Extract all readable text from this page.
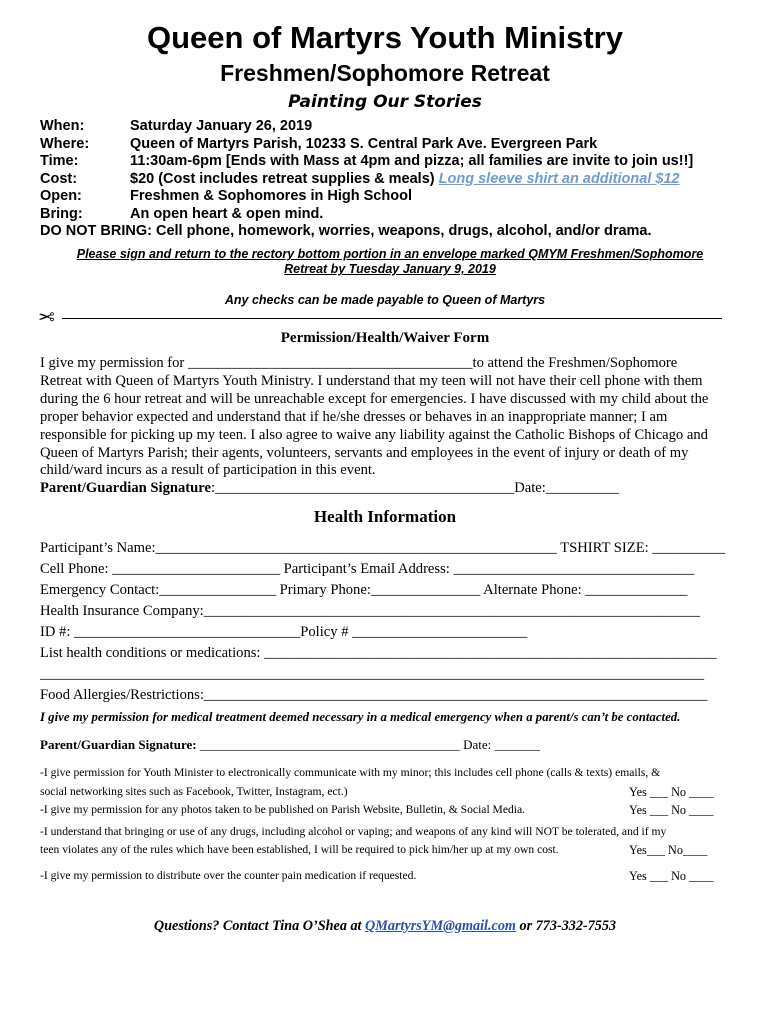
Queen of Martyrs Youth Ministry
Freshmen/Sophomore Retreat
Painting Our Stories
When:	Saturday January 26, 2019
Where:	Queen of Martyrs Parish, 10233 S. Central Park Ave. Evergreen Park
Time:	11:30am-6pm [Ends with Mass at 4pm and pizza; all families are invite to join us!!]
Cost:	$20 (Cost includes retreat supplies & meals)
Long sleeve shirt an additional $12
Open:	Freshmen & Sophomores in High School
Bring:	An open heart & open mind.
DO NOT BRING: Cell phone, homework, worries, weapons, drugs, alcohol, and/or drama.
Please sign and return to the rectory bottom portion in an envelope marked QMYM Freshmen/Sophomore
Retreat by Tuesday January 9, 2019
Any checks can be made payable to Queen of Martyrs
✂
Permission/Health/Waiver Form
I give my permission for _______________________________________to attend the Freshmen/Sophomore
Retreat with Queen of Martyrs Youth Ministry. I understand that my teen will not have their cell phone with them
during the 6 hour retreat and will be unreachable except for emergencies. I have discussed with my child about the
proper behavior expected and understand that if he/she dresses or behaves in an inappropriate manner; I am
responsible for picking up my teen. I also agree to waive any liability against the Catholic Bishops of Chicago and
Queen of Martyrs Parish; their agents, volunteers, servants and employees in the event of injury or death of my
child/ward incurs as a result of participation in this event.
Parent/Guardian Signature:_________________________________________Date:__________
Health Information
Participant’s Name:_______________________________________________________ TSHIRT SIZE: __________
Cell Phone: _______________________ Participant’s Email Address: _________________________________
Emergency Contact:________________ Primary Phone:_______________ Alternate Phone: ______________
Health Insurance Company:____________________________________________________________________
ID #: _______________________________Policy # ________________________
List health conditions or medications: ______________________________________________________________
___________________________________________________________________________________________
Food Allergies/Restrictions:_____________________________________________________________________
I give my permission for medical treatment deemed necessary in a medical emergency when a parent/s can’t be contacted.
Parent/Guardian Signature: ________________________________________ Date: _______
-I give permission for Youth Minister to electronically communicate with my minor; this includes cell phone (calls & texts) emails, &
social networking sites such as Facebook, Twitter, Instagram, ect.)	Yes ___ No ____
-I give my permission for any photos taken to be published on Parish Website, Bulletin, & Social Media.	Yes ___ No ____
-I understand that bringing or use of any drugs, including alcohol or vaping; and weapons of any kind will NOT be tolerated, and if my
teen violates any of the rules which have been established, I will be required to pick him/her up at my own cost.	Yes___ No____
-I give my permission to distribute over the counter pain medication if requested.	Yes ___ No ____
Questions? Contact Tina O’Shea at QMartyrsYM@gmail.com or 773-332-7553
